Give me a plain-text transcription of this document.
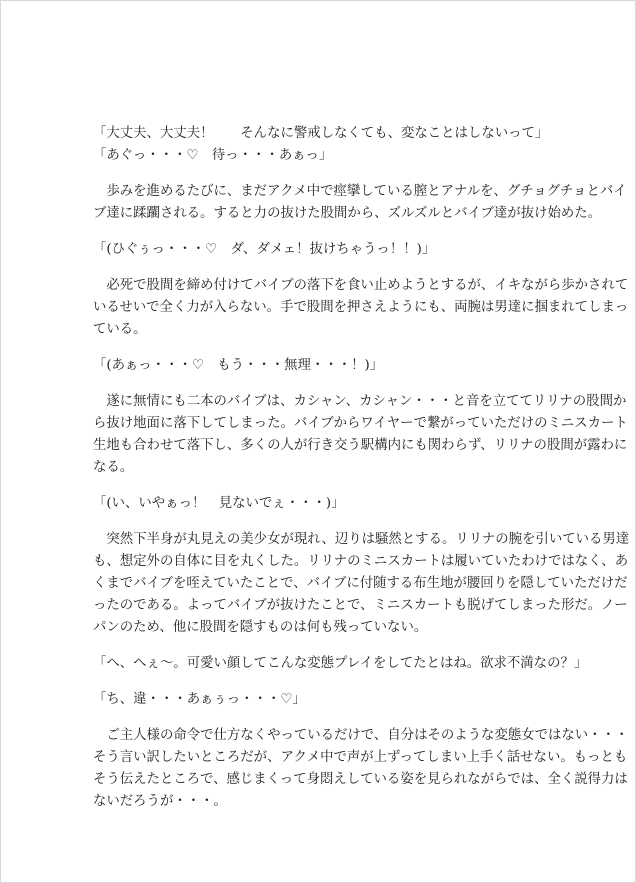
「大丈夫、大丈夫！　　そんなに警戒しなくても、変なことはしないって」
「あぐっ・・・♡　待っ・・・あぁっ」
　歩みを進めるたびに、まだアクメ中で痙攣している膣とアナルを、グチョグチョとバイ
ブ達に蹂躙される。すると力の抜けた股間から、ズルズルとバイブ達が抜け始めた。
「(ひぐぅっ・・・♡　ダ、ダメェ！抜けちゃうっ！！)」
　必死で股間を締め付けてバイブの落下を食い止めようとするが、イキながら歩かされて
いるせいで全く力が入らない。手で股間を押さえようにも、両腕は男達に掴まれてしまっ
ている。
「(あぁっ・・・♡　もう・・・無理・・・！)」
　遂に無情にも二本のバイブは、カシャン、カシャン・・・と音を立ててリリナの股間か
ら抜け地面に落下してしまった。バイブからワイヤーで繋がっていただけのミニスカート
生地も合わせて落下し、多くの人が行き交う駅構内にも関わらず、リリナの股間が露わに
なる。
「(い、いやぁっ！　見ないでぇ・・・)」
　突然下半身が丸見えの美少女が現れ、辺りは騒然とする。リリナの腕を引いている男達
も、想定外の自体に目を丸くした。リリナのミニスカートは履いていたわけではなく、あ
くまでバイブを咥えていたことで、バイブに付随する布生地が腰回りを隠していただけだ
ったのである。よってバイブが抜けたことで、ミニスカートも脱げてしまった形だ。ノー
パンのため、他に股間を隠すものは何も残っていない。
「へ、へぇ～。可愛い顔してこんな変態プレイをしてたとはね。欲求不満なの？」
「ち、違・・・あぁぅっ・・・♡」
　ご主人様の命令で仕方なくやっているだけで、自分はそのような変態女ではない・・・
そう言い訳したいところだが、アクメ中で声が上ずってしまい上手く話せない。もっとも
そう伝えたところで、感じまくって身悶えしている姿を見られながらでは、全く説得力は
ないだろうが・・・。
